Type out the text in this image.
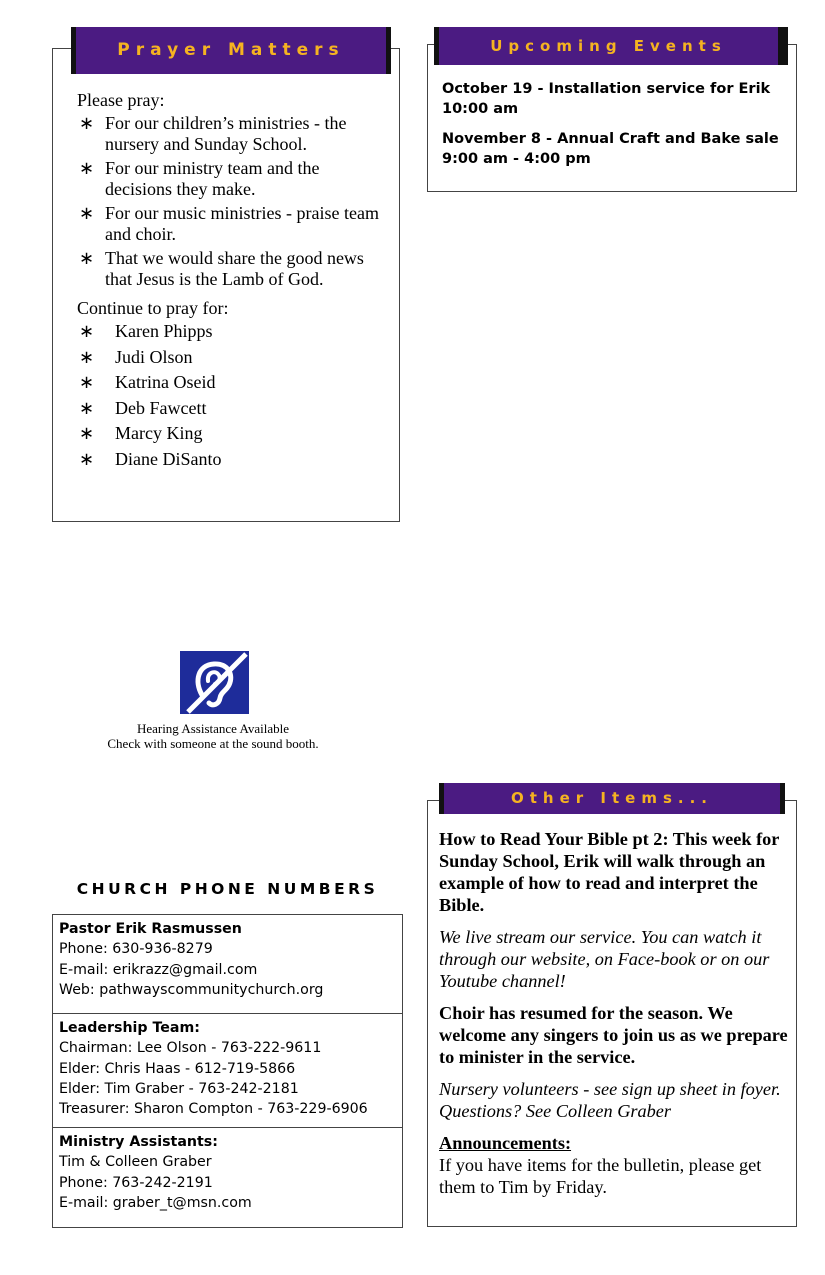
Please pray:
∗ For our children’s ministries - the nursery and Sunday School.
∗ For our ministry team and the decisions they make.
∗ For our music ministries - praise team and choir.
∗ That we would share the good news that Jesus is the Lamb of God.
Continue to pray for:
∗ Karen Phipps
∗ Judi Olson
∗ Katrina Oseid
∗ Deb Fawcett
∗ Marcy King
∗ Diane DiSanto
Prayer Matters
October 19 - Installation service for Erik
10:00 am
November 8 - Annual Craft and Bake sale
9:00 am - 4:00 pm
Upcoming Events
Hearing Assistance Available
Check with someone at the sound booth.
CHURCH PHONE NUMBERS
Pastor Erik Rasmussen
Phone: 630-936-8279
E-mail: erikrazz@gmail.com
Web: pathwayscommunitychurch.org
Leadership Team:
Chairman: Lee Olson - 763-222-9611
Elder: Chris Haas - 612-719-5866
Elder: Tim Graber - 763-242-2181
Treasurer: Sharon Compton - 763-229-6906
Ministry Assistants:
Tim & Colleen Graber
Phone: 763-242-2191
E-mail: graber_t@msn.com

How to Read Your Bible pt 2: This week for Sunday School, Erik will walk through an example of how to read and interpret the Bible.

We live stream our service. You can watch it through our website, on Face-book or on our Youtube channel!

Choir has resumed for the season. We welcome any singers to join us as we prepare to minister in the service.

Nursery volunteers - see sign up sheet in foyer. Questions? See Colleen Graber

Announcements:
If you have items for the bulletin, please get them to Tim by Friday.

Other Items...
